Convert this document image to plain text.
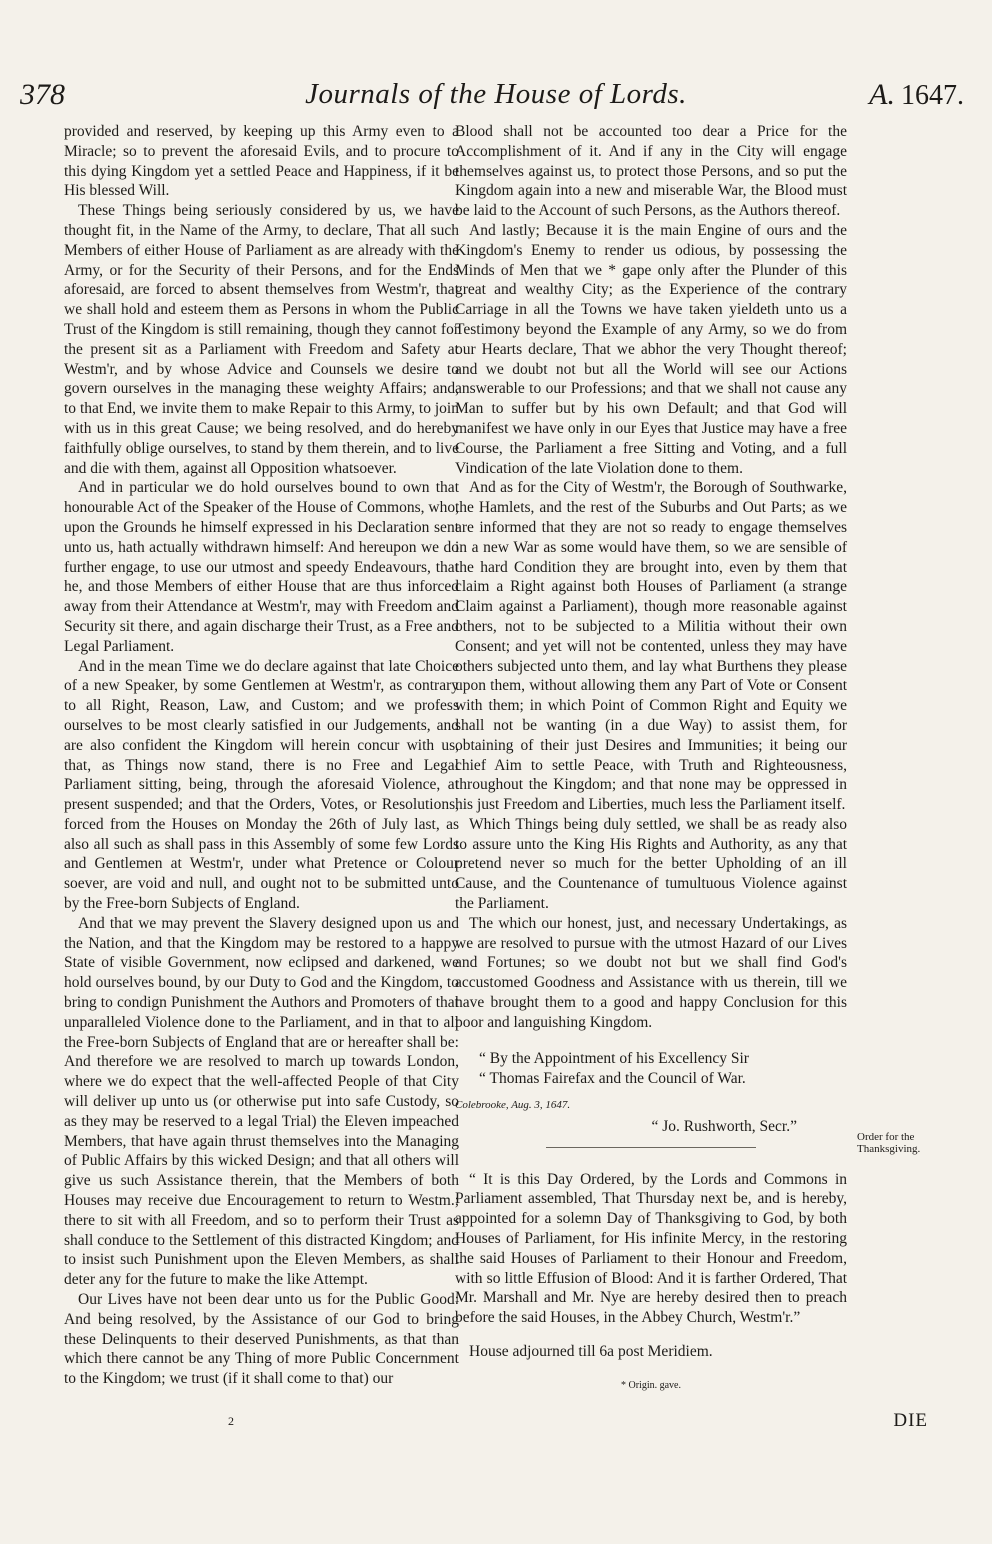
378	Journals of the House of Lords.	A. 1647.

provided and reserved, by keeping up this Army even to a Miracle; so to prevent the aforesaid Evils, and to procure to this dying Kingdom yet a settled Peace and Happiness, if it be His blessed Will.

These Things being seriously considered by us, we have thought fit, in the Name of the Army, to declare, That all such Members of either House of Parliament as are already with the Army, or for the Security of their Persons, and for the Ends aforesaid, are forced to absent themselves from Westm'r, that we shall hold and esteem them as Persons in whom the Public Trust of the Kingdom is still remaining, though they cannot for the present sit as a Parliament with Freedom and Safety at Westm'r, and by whose Advice and Counsels we desire to govern ourselves in the managing these weighty Affairs; and, to that End, we invite them to make Repair to this Army, to join with us in this great Cause; we being resolved, and do hereby faithfully oblige ourselves, to stand by them therein, and to live and die with them, against all Opposition whatsoever.

And in particular we do hold ourselves bound to own that honourable Act of the Speaker of the House of Commons, who, upon the Grounds he himself expressed in his Declaration sent unto us, hath actually withdrawn himself: And hereupon we do further engage, to use our utmost and speedy Endeavours, that he, and those Members of either House that are thus inforced away from their Attendance at Westm'r, may with Freedom and Security sit there, and again discharge their Trust, as a Free and Legal Parliament.

And in the mean Time we do declare against that late Choice of a new Speaker, by some Gentlemen at Westm'r, as contrary to all Right, Reason, Law, and Custom; and we profess ourselves to be most clearly satisfied in our Judgements, and are also confident the Kingdom will herein concur with us, that, as Things now stand, there is no Free and Legal Parliament sitting, being, through the aforesaid Violence, at present suspended; and that the Orders, Votes, or Resolutions, forced from the Houses on Monday the 26th of July last, as also all such as shall pass in this Assembly of some few Lords and Gentlemen at Westm'r, under what Pretence or Colour soever, are void and null, and ought not to be submitted unto by the Free-born Subjects of England.

And that we may prevent the Slavery designed upon us and the Nation, and that the Kingdom may be restored to a happy State of visible Government, now eclipsed and darkened, we hold ourselves bound, by our Duty to God and the Kingdom, to bring to condign Punishment the Authors and Promoters of that unparalleled Violence done to the Parliament, and in that to all the Free-born Subjects of England that are or hereafter shall be: And therefore we are resolved to march up towards London, where we do expect that the well-affected People of that City will deliver up unto us (or otherwise put into safe Custody, so as they may be reserved to a legal Trial) the Eleven impeached Members, that have again thrust themselves into the Managing of Public Affairs by this wicked Design; and that all others will give us such Assistance therein, that the Members of both Houses may receive due Encouragement to return to Westm.; there to sit with all Freedom, and so to perform their Trust as shall conduce to the Settlement of this distracted Kingdom; and to insist such Punishment upon the Eleven Members, as shall deter any for the future to make the like Attempt.

Our Lives have not been dear unto us for the Public Good: And being resolved, by the Assistance of our God to bring these Delinquents to their deserved Punishments, as that than which there cannot be any Thing of more Public Concernment to the Kingdom; we trust (if it shall come to that) our

Blood shall not be accounted too dear a Price for the Accomplishment of it. And if any in the City will engage themselves against us, to protect those Persons, and so put the Kingdom again into a new and miserable War, the Blood must be laid to the Account of such Persons, as the Authors thereof.

And lastly; Because it is the main Engine of ours and the Kingdom's Enemy to render us odious, by possessing the Minds of Men that we * gape only after the Plunder of this great and wealthy City; as the Experience of the contrary Carriage in all the Towns we have taken yieldeth unto us a Testimony beyond the Example of any Army, so we do from our Hearts declare, That we abhor the very Thought thereof; and we doubt not but all the World will see our Actions answerable to our Professions; and that we shall not cause any Man to suffer but by his own Default; and that God will manifest we have only in our Eyes that Justice may have a free Course, the Parliament a free Sitting and Voting, and a full Vindication of the late Violation done to them.

And as for the City of Westm'r, the Borough of Southwarke, the Hamlets, and the rest of the Suburbs and Out Parts; as we are informed that they are not so ready to engage themselves in a new War as some would have them, so we are sensible of the hard Condition they are brought into, even by them that claim a Right against both Houses of Parliament (a strange Claim against a Parliament), though more reasonable against others, not to be subjected to a Militia without their own Consent; and yet will not be contented, unless they may have others subjected unto them, and lay what Burthens they please upon them, without allowing them any Part of Vote or Consent with them; in which Point of Common Right and Equity we shall not be wanting (in a due Way) to assist them, for obtaining of their just Desires and Immunities; it being our chief Aim to settle Peace, with Truth and Righteousness, throughout the Kingdom; and that none may be oppressed in his just Freedom and Liberties, much less the Parliament itself.

Which Things being duly settled, we shall be as ready also to assure unto the King His Rights and Authority, as any that pretend never so much for the better Upholding of an ill Cause, and the Countenance of tumultuous Violence against the Parliament.

The which our honest, just, and necessary Undertakings, as we are resolved to pursue with the utmost Hazard of our Lives and Fortunes; so we doubt not but we shall find God's accustomed Goodness and Assistance with us therein, till we have brought them to a good and happy Conclusion for this poor and languishing Kingdom.

“ By the Appointment of his Excellency Sir
“ Thomas Fairefax and the Council of War.
Colebrooke, Aug. 3, 1647.
“ Jo. Rushworth, Secr.”

“ It is this Day Ordered, by the Lords and Commons in Parliament assembled, That Thursday next be, and is hereby, appointed for a solemn Day of Thanksgiving to God, by both Houses of Parliament, for His infinite Mercy, in the restoring the said Houses of Parliament to their Honour and Freedom, with so little Effusion of Blood: And it is farther Ordered, That Mr. Marshall and Mr. Nye are hereby desired then to preach before the said Houses, in the Abbey Church, Westm'r.”

House adjourned till 6a post Meridiem.
* Origin. gave.
Order for the Thanksgiving.
2	DIE
